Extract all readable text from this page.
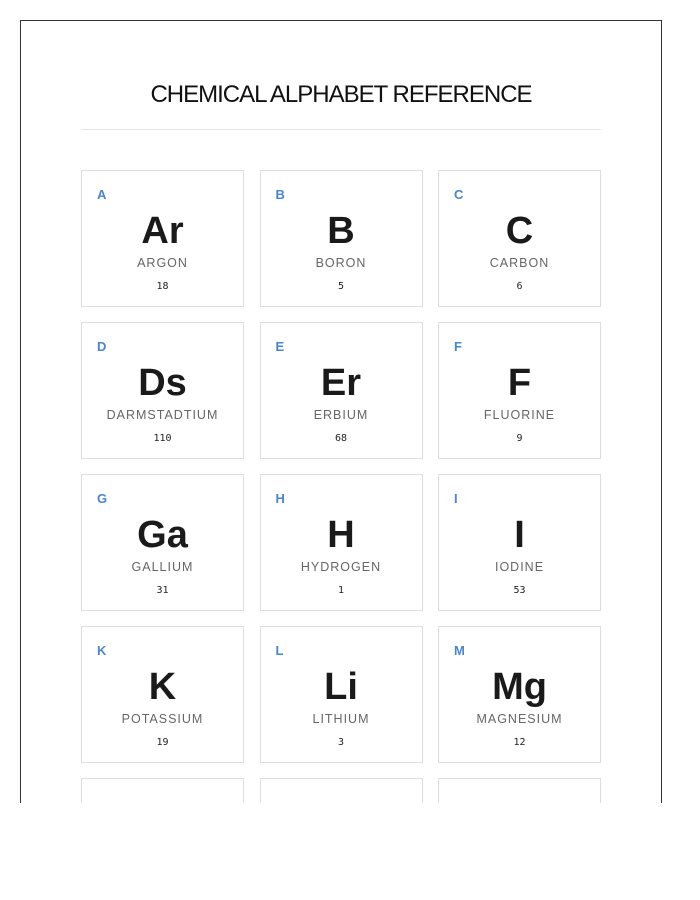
CHEMICAL ALPHABET REFERENCE
A
Ar
ARGON
18
B
B
BORON
5
C
C
CARBON
6
D
Ds
DARMSTADTIUM
110
E
Er
ERBIUM
68
F
F
FLUORINE
9
G
Ga
GALLIUM
31
H
H
HYDROGEN
1
I
I
IODINE
53
K
K
POTASSIUM
19
L
Li
LITHIUM
3
M
Mg
MAGNESIUM
12
